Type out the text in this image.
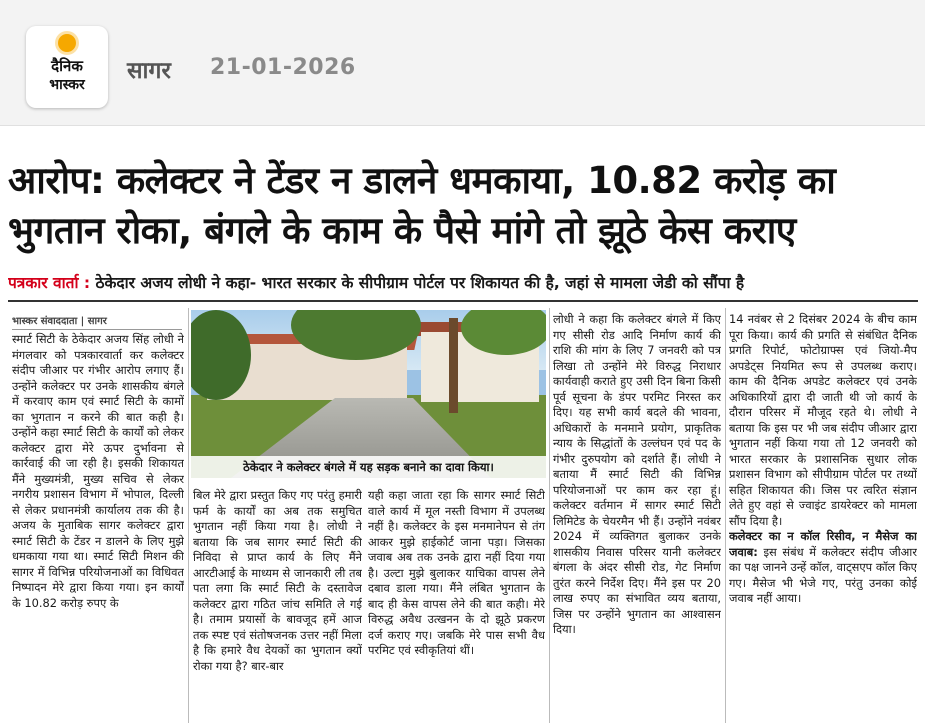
दैनिक
भास्कर
सागर 21-01-2026
आरोप: कलेक्टर ने टेंडर न डालने धमकाया, 10.82 करोड़ का भुगतान रोका, बंगले के काम के पैसे मांगे तो झूठे केस कराए
पत्रकार वार्ता : ठेकेदार अजय लोधी ने कहा- भारत सरकार के सीपीग्राम पोर्टल पर शिकायत की है, जहां से मामला जेडी को सौंपा है
भास्कर संवाददाता | सागर
ठेकेदार ने कलेक्टर बंगले में यह सड़क बनाने का दावा किया।

स्मार्ट सिटी के ठेकेदार अजय सिंह लोधी ने मंगलवार को पत्रकारवार्ता कर कलेक्टर संदीप जीआर पर गंभीर आरोप लगाए हैं। उन्होंने कलेक्टर पर उनके शासकीय बंगले में करवाए काम एवं स्मार्ट सिटी के कामों का भुगतान न करने की बात कही है। उन्होंने कहा स्मार्ट सिटी के कार्यों को लेकर कलेक्टर द्वारा मेरे ऊपर दुर्भावना से कार्रवाई की जा रही है। इसकी शिकायत मैंने मुख्यमंत्री, मुख्य सचिव से लेकर नगरीय प्रशासन विभाग में भोपाल, दिल्ली से लेकर प्रधानमंत्री कार्यालय तक की है। अजय के मुताबिक सागर कलेक्टर द्वारा स्मार्ट सिटी के टेंडर न डालने के लिए मुझे धमकाया गया था। स्मार्ट सिटी मिशन की सागर में विभिन्न परियोजनाओं का विधिवत निष्पादन मेरे द्वारा किया गया। इन कार्यों के 10.82 करोड़ रुपए के

बिल मेरे द्वारा प्रस्तुत किए गए परंतु हमारी फर्म के कार्यों का अब तक समुचित भुगतान नहीं किया गया है। लोधी ने बताया कि जब सागर स्मार्ट सिटी की निविदा से प्राप्त कार्य के लिए मैंने आरटीआई के माध्यम से जानकारी ली तब पता लगा कि स्मार्ट सिटी के दस्तावेज कलेक्टर द्वारा गठित जांच समिति ले गई है। तमाम प्रयासों के बावजूद हमें आज तक स्पष्ट एवं संतोषजनक उत्तर नहीं मिला है कि हमारे वैध देयकों का भुगतान क्यों रोका गया है? बार-बार

यही कहा जाता रहा कि सागर स्मार्ट सिटी वाले कार्य में मूल नस्ती विभाग में उपलब्ध नहीं है। कलेक्टर के इस मनमानेपन से तंग आकर मुझे हाईकोर्ट जाना पड़ा। जिसका जवाब अब तक उनके द्वारा नहीं दिया गया है। उल्टा मुझे बुलाकर याचिका वापस लेने दबाव डाला गया। मैंने लंबित भुगतान के बाद ही केस वापस लेने की बात कही। मेरे विरुद्ध अवैध उत्खनन के दो झूठे प्रकरण दर्ज कराए गए। जबकि मेरे पास सभी वैध परमिट एवं स्वीकृतियां थीं।

लोधी ने कहा कि कलेक्टर बंगले में किए गए सीसी रोड आदि निर्माण कार्य की राशि की मांग के लिए 7 जनवरी को पत्र लिखा तो उन्होंने मेरे विरुद्ध निराधार कार्यवाही कराते हुए उसी दिन बिना किसी पूर्व सूचना के डंपर परमिट निरस्त कर दिए। यह सभी कार्य बदले की भावना, अधिकारों के मनमाने प्रयोग, प्राकृतिक न्याय के सिद्धांतों के उल्लंघन एवं पद के गंभीर दुरुपयोग को दर्शाते हैं। लोधी ने बताया मैं स्मार्ट सिटी की विभिन्न परियोजनाओं पर काम कर रहा हूं। कलेक्टर वर्तमान में सागर स्मार्ट सिटी लिमिटेड के चेयरमैन भी हैं। उन्होंने नवंबर 2024 में व्यक्तिगत बुलाकर उनके शासकीय निवास परिसर यानी कलेक्टर बंगला के अंदर सीसी रोड, गेट निर्माण तुरंत करने निर्देश दिए। मैंने इस पर 20 लाख रुपए का संभावित व्यय बताया, जिस पर उन्होंने भुगतान का आश्वासन दिया।

14 नवंबर से 2 दिसंबर 2024 के बीच काम पूरा किया। कार्य की प्रगति से संबंधित दैनिक प्रगति रिपोर्ट, फोटोग्राफ्स एवं जियो-मैप अपडेट्स नियमित रूप से उपलब्ध कराए। काम की दैनिक अपडेट कलेक्टर एवं उनके अधिकारियों द्वारा दी जाती थी जो कार्य के दौरान परिसर में मौजूद रहते थे। लोधी ने बताया कि इस पर भी जब संदीप जीआर द्वारा भुगतान नहीं किया गया तो 12 जनवरी को भारत सरकार के प्रशासनिक सुधार लोक प्रशासन विभाग को सीपीग्राम पोर्टल पर तथ्यों सहित शिकायत की। जिस पर त्वरित संज्ञान लेते हुए वहां से ज्वाइंट डायरेक्टर को मामला सौंप दिया है।

कलेक्टर का न कॉल रिसीव, न मैसेज का जवाब: इस संबंध में कलेक्टर संदीप जीआर का पक्ष जानने उन्हें कॉल, वाट्सएप कॉल किए गए। मैसेज भी भेजे गए, परंतु उनका कोई जवाब नहीं आया।
